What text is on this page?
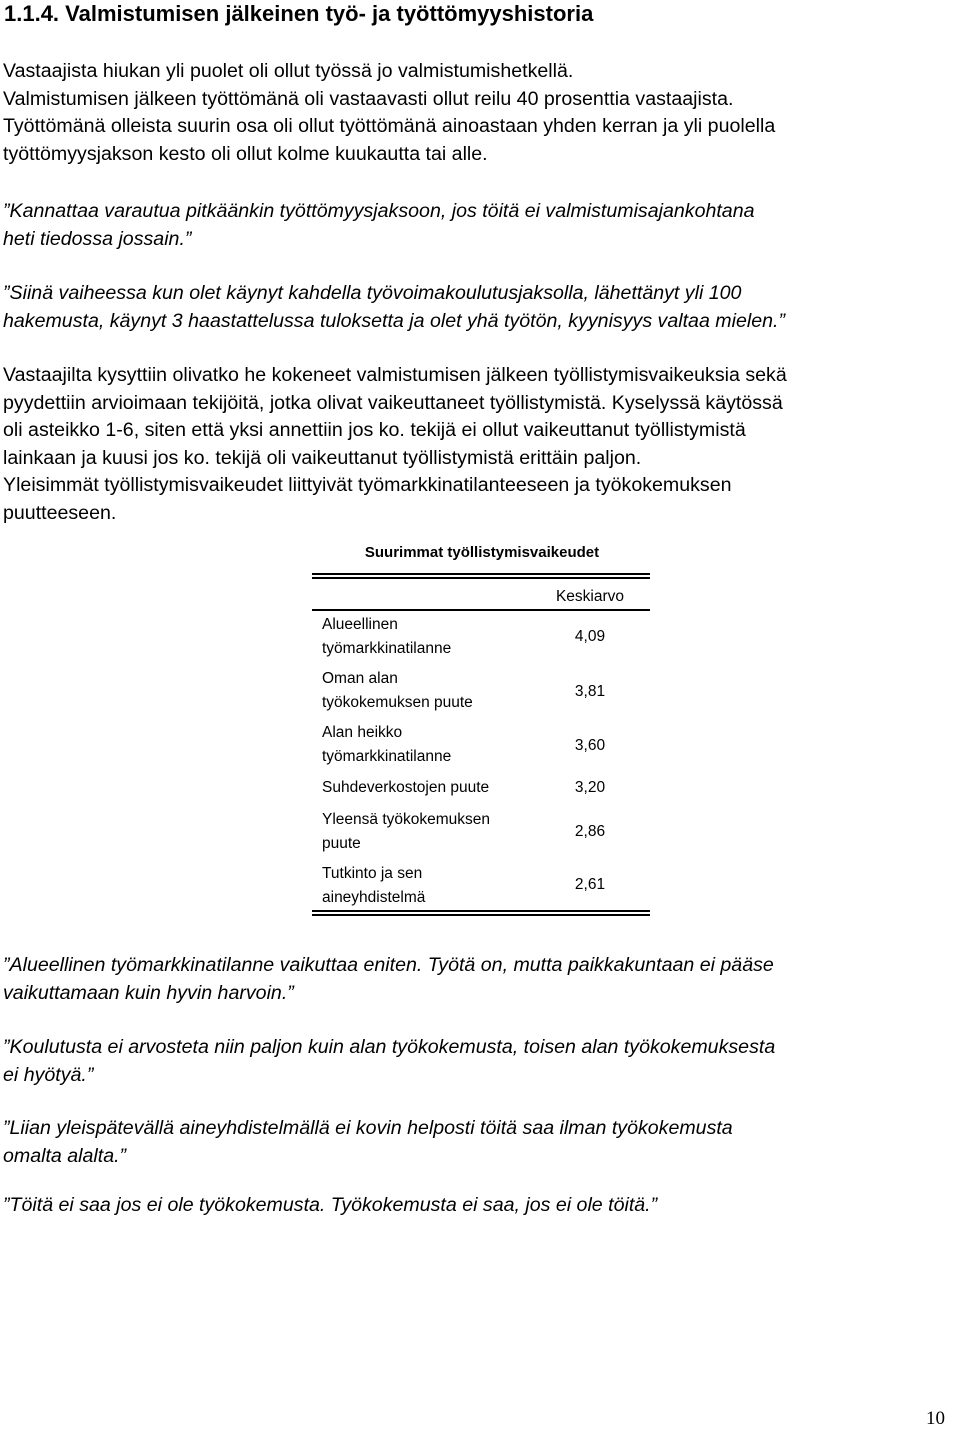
1.1.4. Valmistumisen jälkeinen työ- ja työttömyyshistoria
Vastaajista hiukan yli puolet oli ollut työssä jo valmistumishetkellä.
Valmistumisen jälkeen työttömänä oli vastaavasti ollut reilu 40 prosenttia vastaajista.
Työttömänä olleista suurin osa oli ollut työttömänä ainoastaan yhden kerran ja yli puolella
työttömyysjakson kesto oli ollut kolme kuukautta tai alle.
”Kannattaa varautua pitkäänkin työttömyysjaksoon, jos töitä ei valmistumisajankohtana
heti tiedossa jossain.”
”Siinä vaiheessa kun olet käynyt kahdella työvoimakoulutusjaksolla, lähettänyt yli 100
hakemusta, käynyt 3 haastattelussa tuloksetta ja olet yhä työtön, kyynisyys valtaa mielen.”
Vastaajilta kysyttiin olivatko he kokeneet valmistumisen jälkeen työllistymisvaikeuksia sekä
pyydettiin arvioimaan tekijöitä, jotka olivat vaikeuttaneet työllistymistä. Kyselyssä käytössä
oli asteikko 1-6, siten että yksi annettiin jos ko. tekijä ei ollut vaikeuttanut työllistymistä
lainkaan ja kuusi jos ko. tekijä oli vaikeuttanut työllistymistä erittäin paljon.
Yleisimmät työllistymisvaikeudet liittyivät työmarkkinatilanteeseen ja työkokemuksen
puutteeseen.
Suurimmat työllistymisvaikeudet
Keskiarvo
Alueellinen
työmarkkinatilanne
4,09
Oman alan
työkokemuksen puute
3,81
Alan heikko
työmarkkinatilanne
3,60
Suhdeverkostojen puute	3,20
Yleensä työkokemuksen
puute
2,86
Tutkinto ja sen
aineyhdistelmä
2,61
”Alueellinen työmarkkinatilanne vaikuttaa eniten. Työtä on, mutta paikkakuntaan ei pääse
vaikuttamaan kuin hyvin harvoin.”
”Koulutusta ei arvosteta niin paljon kuin alan työkokemusta, toisen alan työkokemuksesta
ei hyötyä.”
”Liian yleispätevällä aineyhdistelmällä ei kovin helposti töitä saa ilman työkokemusta
omalta alalta.”
”Töitä ei saa jos ei ole työkokemusta. Työkokemusta ei saa, jos ei ole töitä.”
10
